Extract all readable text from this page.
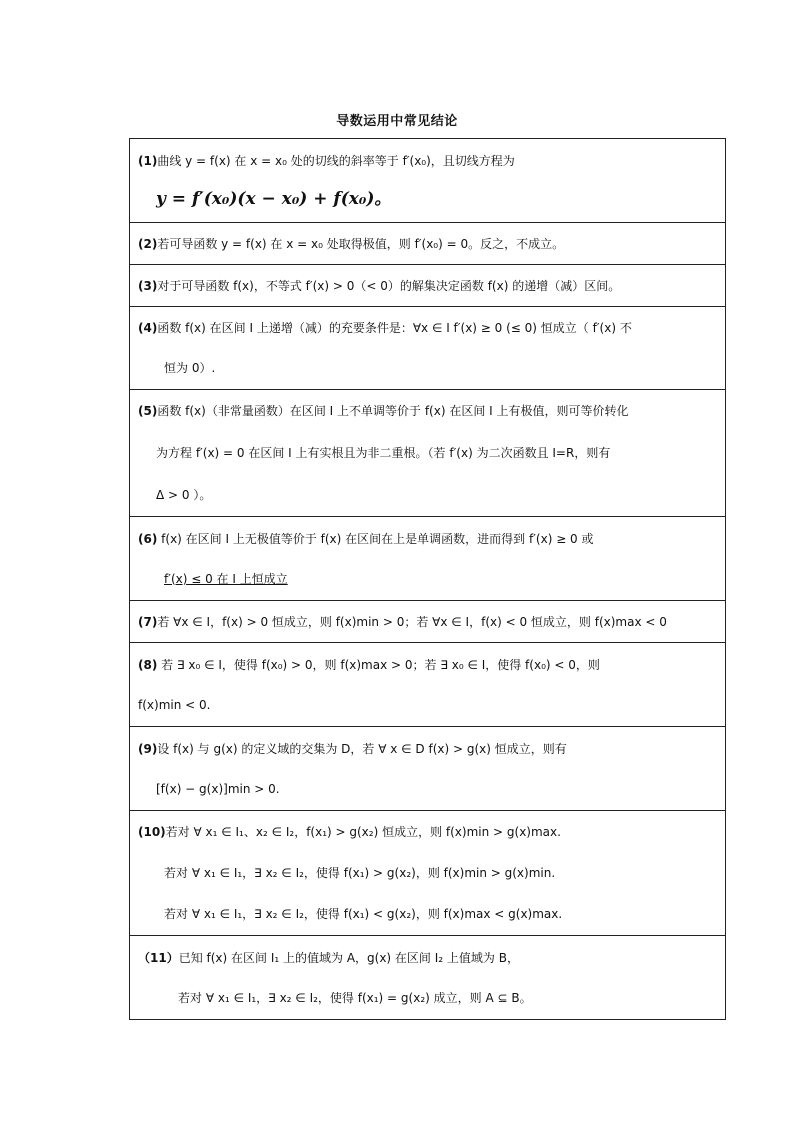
导数运用中常见结论
(1)曲线 y = f(x) 在 x = x₀ 处的切线的斜率等于 f′(x₀)，且切线方程为
y = f′(x₀)(x − x₀) + f(x₀)。

(2)若可导函数 y = f(x) 在 x = x₀ 处取得极值，则 f′(x₀) = 0。反之，不成立。

(3)对于可导函数 f(x)，不等式 f′(x) > 0（< 0）的解集决定函数 f(x) 的递增（减）区间。

(4)函数 f(x) 在区间 I 上递增（减）的充要条件是：∀x ∈ I f′(x) ≥ 0 (≤ 0) 恒成立（ f′(x) 不
恒为 0）.

(5)函数 f(x)（非常量函数）在区间 I 上不单调等价于 f(x) 在区间 I 上有极值，则可等价转化
为方程 f′(x) = 0 在区间 I 上有实根且为非二重根。（若 f′(x) 为二次函数且 I=R，则有
Δ > 0 ）。

(6) f(x) 在区间 I 上无极值等价于 f(x) 在区间在上是单调函数，进而得到 f′(x) ≥ 0 或
f′(x) ≤ 0 在 I 上恒成立

(7)若 ∀x ∈ I，f(x) > 0 恒成立，则 f(x)min > 0；若 ∀x ∈ I，f(x) < 0 恒成立，则 f(x)max < 0

(8) 若 ∃ x₀ ∈ I，使得 f(x₀) > 0，则 f(x)max > 0；若 ∃ x₀ ∈ I，使得 f(x₀) < 0，则
f(x)min < 0.

(9)设 f(x) 与 g(x) 的定义域的交集为 D，若 ∀ x ∈ D f(x) > g(x) 恒成立，则有
[f(x) − g(x)]min > 0.

(10)若对 ∀ x₁ ∈ I₁、x₂ ∈ I₂，f(x₁) > g(x₂) 恒成立，则 f(x)min > g(x)max.
若对 ∀ x₁ ∈ I₁，∃ x₂ ∈ I₂，使得 f(x₁) > g(x₂)，则 f(x)min > g(x)min.
若对 ∀ x₁ ∈ I₁，∃ x₂ ∈ I₂，使得 f(x₁) < g(x₂)，则 f(x)max < g(x)max.

（11）已知 f(x) 在区间 I₁ 上的值域为 A，g(x) 在区间 I₂ 上值域为 B，
若对 ∀ x₁ ∈ I₁，∃ x₂ ∈ I₂，使得 f(x₁) = g(x₂) 成立，则 A ⊆ B。
